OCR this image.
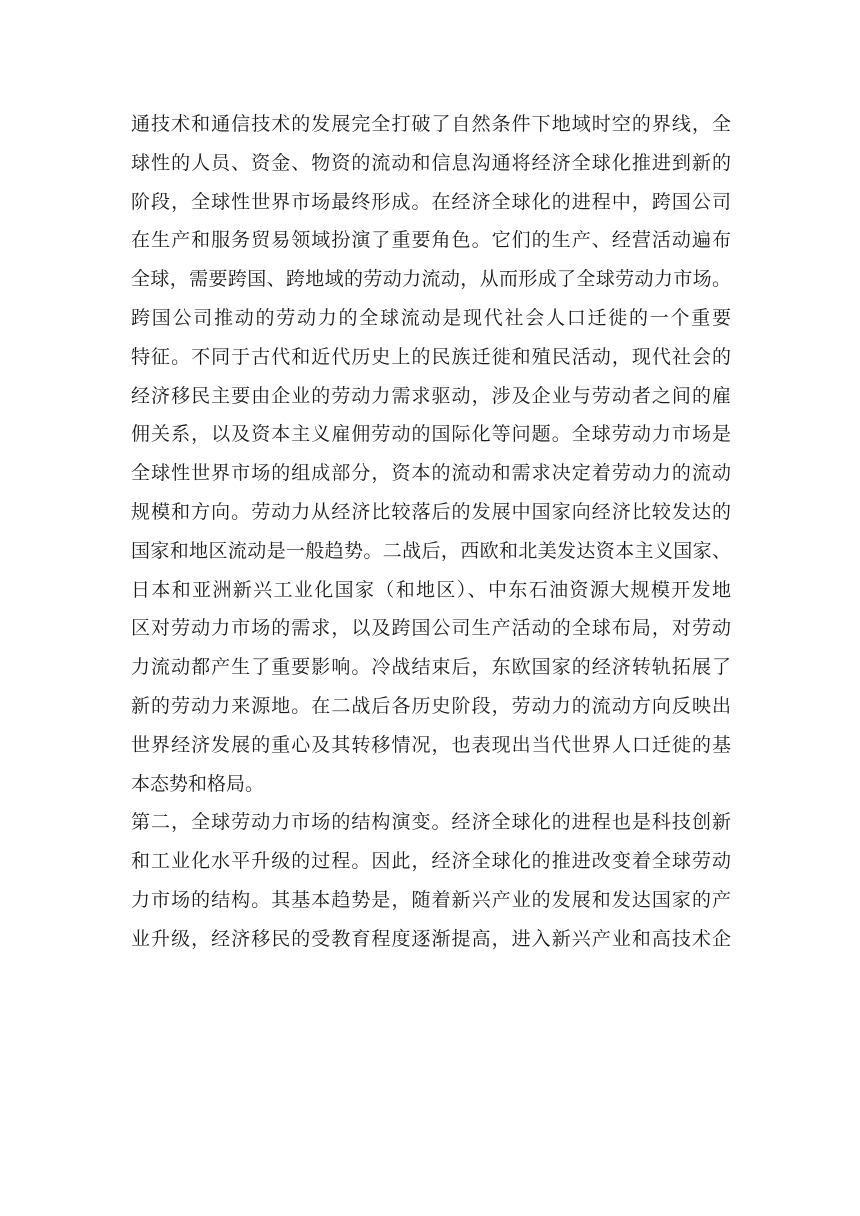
通技术和通信技术的发展完全打破了自然条件下地域时空的界线，全
球性的人员、资金、物资的流动和信息沟通将经济全球化推进到新的
阶段，全球性世界市场最终形成。在经济全球化的进程中，跨国公司
在生产和服务贸易领域扮演了重要角色。它们的生产、经营活动遍布
全球，需要跨国、跨地域的劳动力流动，从而形成了全球劳动力市场。
跨国公司推动的劳动力的全球流动是现代社会人口迁徙的一个重要
特征。不同于古代和近代历史上的民族迁徙和殖民活动，现代社会的
经济移民主要由企业的劳动力需求驱动，涉及企业与劳动者之间的雇
佣关系，以及资本主义雇佣劳动的国际化等问题。全球劳动力市场是
全球性世界市场的组成部分，资本的流动和需求决定着劳动力的流动
规模和方向。劳动力从经济比较落后的发展中国家向经济比较发达的
国家和地区流动是一般趋势。二战后，西欧和北美发达资本主义国家、
日本和亚洲新兴工业化国家（和地区）、中东石油资源大规模开发地
区对劳动力市场的需求，以及跨国公司生产活动的全球布局，对劳动
力流动都产生了重要影响。冷战结束后，东欧国家的经济转轨拓展了
新的劳动力来源地。在二战后各历史阶段，劳动力的流动方向反映出
世界经济发展的重心及其转移情况，也表现出当代世界人口迁徙的基
本态势和格局。
第二，全球劳动力市场的结构演变。经济全球化的进程也是科技创新
和工业化水平升级的过程。因此，经济全球化的推进改变着全球劳动
力市场的结构。其基本趋势是，随着新兴产业的发展和发达国家的产
业升级，经济移民的受教育程度逐渐提高，进入新兴产业和高技术企
